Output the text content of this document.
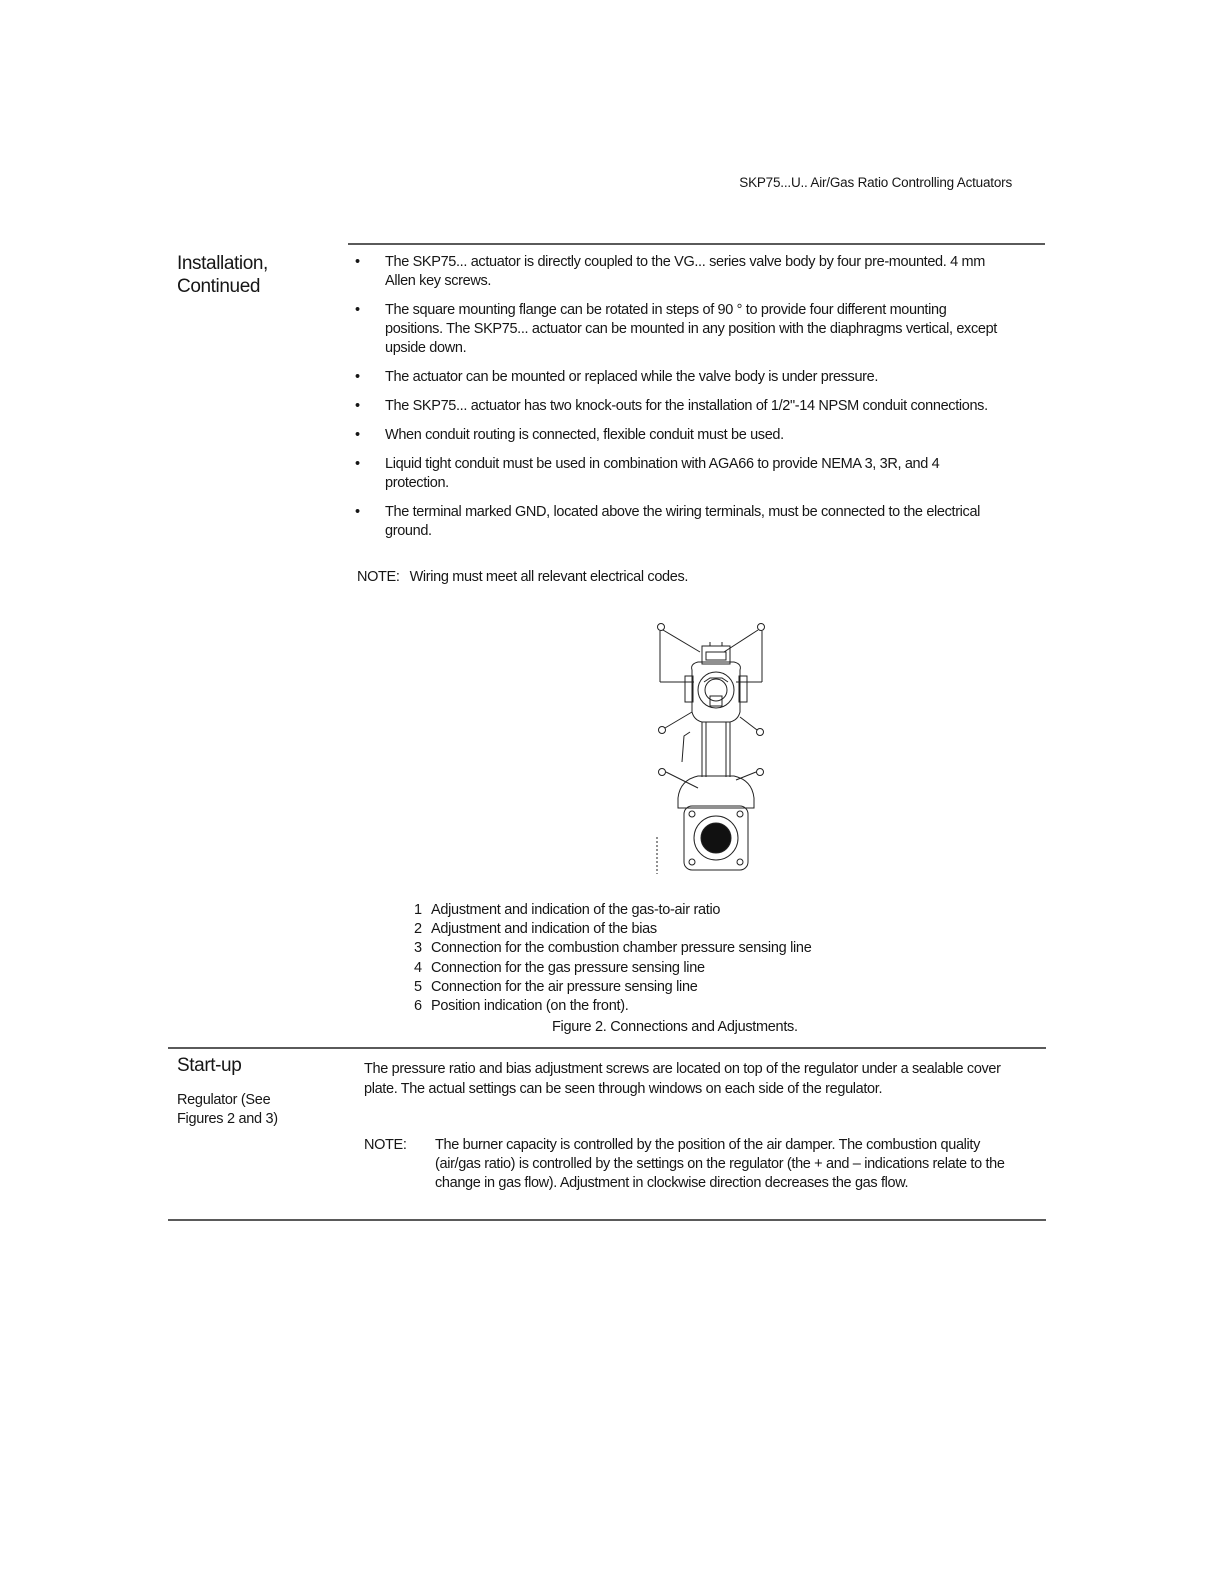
SKP75...U.. Air/Gas Ratio Controlling Actuators
Installation,
Continued
•	The SKP75... actuator is directly coupled to the VG... series valve body by four pre-mounted. 4 mm Allen key screws.
•	The square mounting flange can be rotated in steps of 90 ° to provide four different mounting positions. The SKP75... actuator can be mounted in any position with the diaphragms vertical, except upside down.
•	The actuator can be mounted or replaced while the valve body is under pressure.
•	The SKP75... actuator has two knock-outs for the installation of 1/2"-14 NPSM conduit connections.
•	When conduit routing is connected, flexible conduit must be used.
•	Liquid tight conduit must be used in combination with AGA66 to provide NEMA 3, 3R, and 4 protection.
•	The terminal marked GND, located above the wiring terminals, must be connected to the electrical ground.
NOTE: Wiring must meet all relevant electrical codes.
1 Adjustment and indication of the gas-to-air ratio
2 Adjustment and indication of the bias
3 Connection for the combustion chamber pressure sensing line
4 Connection for the gas pressure sensing line
5 Connection for the air pressure sensing line
6 Position indication (on the front).
Figure 2. Connections and Adjustments.
Start-up
Regulator (See
Figures 2 and 3)
The pressure ratio and bias adjustment screws are located on top of the regulator under a sealable cover plate. The actual settings can be seen through windows on each side of the regulator.
NOTE: The burner capacity is controlled by the position of the air damper. The combustion quality (air/gas ratio) is controlled by the settings on the regulator (the + and – indications relate to the change in gas flow). Adjustment in clockwise direction decreases the gas flow.
